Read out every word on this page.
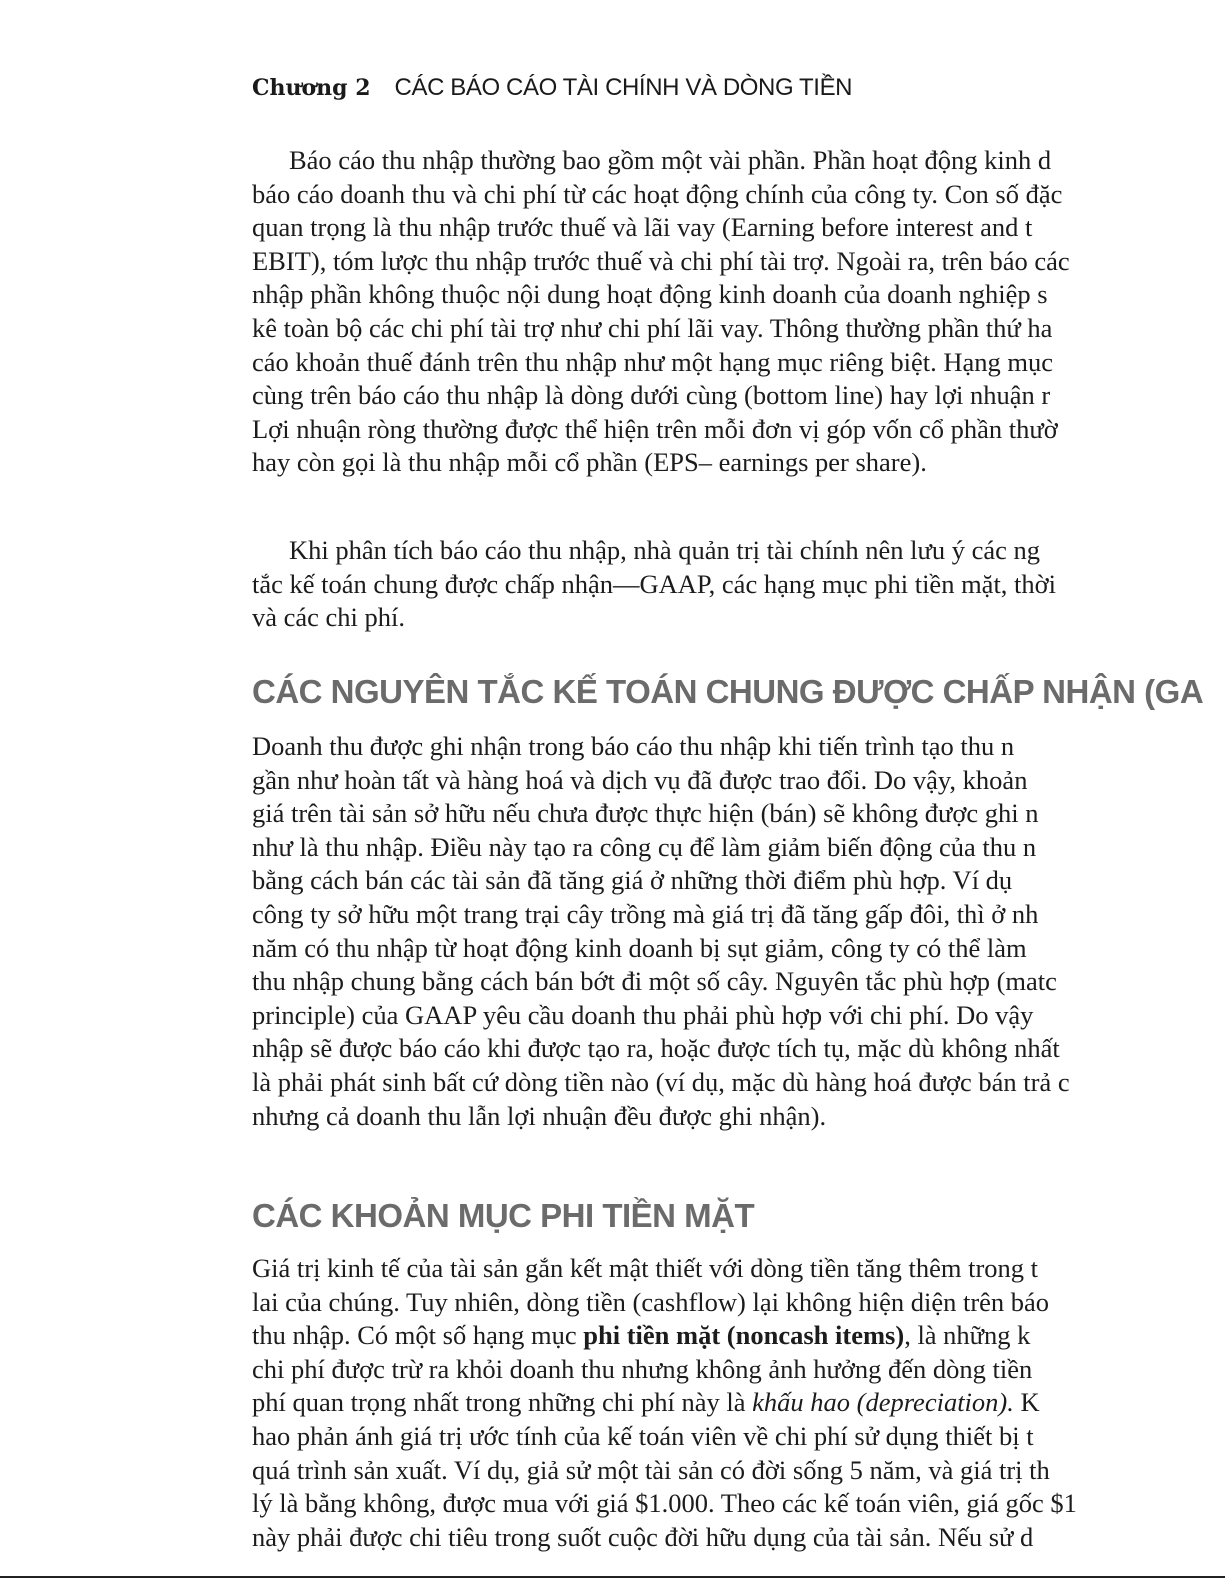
Chương 2 CÁC BÁO CÁO TÀI CHÍNH VÀ DÒNG TIỀN
Báo cáo thu nhập thường bao gồm một vài phần. Phần hoạt động kinh d
báo cáo doanh thu và chi phí từ các hoạt động chính của công ty. Con số đặc
quan trọng là thu nhập trước thuế và lãi vay (Earning before interest and t
EBIT), tóm lược thu nhập trước thuế và chi phí tài trợ. Ngoài ra, trên báo các
nhập phần không thuộc nội dung hoạt động kinh doanh của doanh nghiệp s
kê toàn bộ các chi phí tài trợ như chi phí lãi vay. Thông thường phần thứ ha
cáo khoản thuế đánh trên thu nhập như một hạng mục riêng biệt. Hạng mục
cùng trên báo cáo thu nhập là dòng dưới cùng (bottom line) hay lợi nhuận r
Lợi nhuận ròng thường được thể hiện trên mỗi đơn vị góp vốn cổ phần thườ
hay còn gọi là thu nhập mỗi cổ phần (EPS– earnings per share).
Khi phân tích báo cáo thu nhập, nhà quản trị tài chính nên lưu ý các ng
tắc kế toán chung được chấp nhận—GAAP, các hạng mục phi tiền mặt, thời
và các chi phí.
CÁC NGUYÊN TẮC KẾ TOÁN CHUNG ĐƯỢC CHẤP NHẬN (GA
Doanh thu được ghi nhận trong báo cáo thu nhập khi tiến trình tạo thu n
gần như hoàn tất và hàng hoá và dịch vụ đã được trao đổi. Do vậy, khoản
giá trên tài sản sở hữu nếu chưa được thực hiện (bán) sẽ không được ghi n
như là thu nhập. Điều này tạo ra công cụ để làm giảm biến động của thu n
bằng cách bán các tài sản đã tăng giá ở những thời điểm phù hợp. Ví dụ
công ty sở hữu một trang trại cây trồng mà giá trị đã tăng gấp đôi, thì ở nh
năm có thu nhập từ hoạt động kinh doanh bị sụt giảm, công ty có thể làm
thu nhập chung bằng cách bán bớt đi một số cây. Nguyên tắc phù hợp (matc
principle) của GAAP yêu cầu doanh thu phải phù hợp với chi phí. Do vậy
nhập sẽ được báo cáo khi được tạo ra, hoặc được tích tụ, mặc dù không nhất
là phải phát sinh bất cứ dòng tiền nào (ví dụ, mặc dù hàng hoá được bán trả c
nhưng cả doanh thu lẫn lợi nhuận đều được ghi nhận).
CÁC KHOẢN MỤC PHI TIỀN MẶT
Giá trị kinh tế của tài sản gắn kết mật thiết với dòng tiền tăng thêm trong t
lai của chúng. Tuy nhiên, dòng tiền (cashflow) lại không hiện diện trên báo
thu nhập. Có một số hạng mục phi tiền mặt (noncash items), là những k
chi phí được trừ ra khỏi doanh thu nhưng không ảnh hưởng đến dòng tiền
phí quan trọng nhất trong những chi phí này là khấu hao (depreciation). K
hao phản ánh giá trị ước tính của kế toán viên về chi phí sử dụng thiết bị t
quá trình sản xuất. Ví dụ, giả sử một tài sản có đời sống 5 năm, và giá trị th
lý là bằng không, được mua với giá $1.000. Theo các kế toán viên, giá gốc $1
này phải được chi tiêu trong suốt cuộc đời hữu dụng của tài sản. Nếu sử d
